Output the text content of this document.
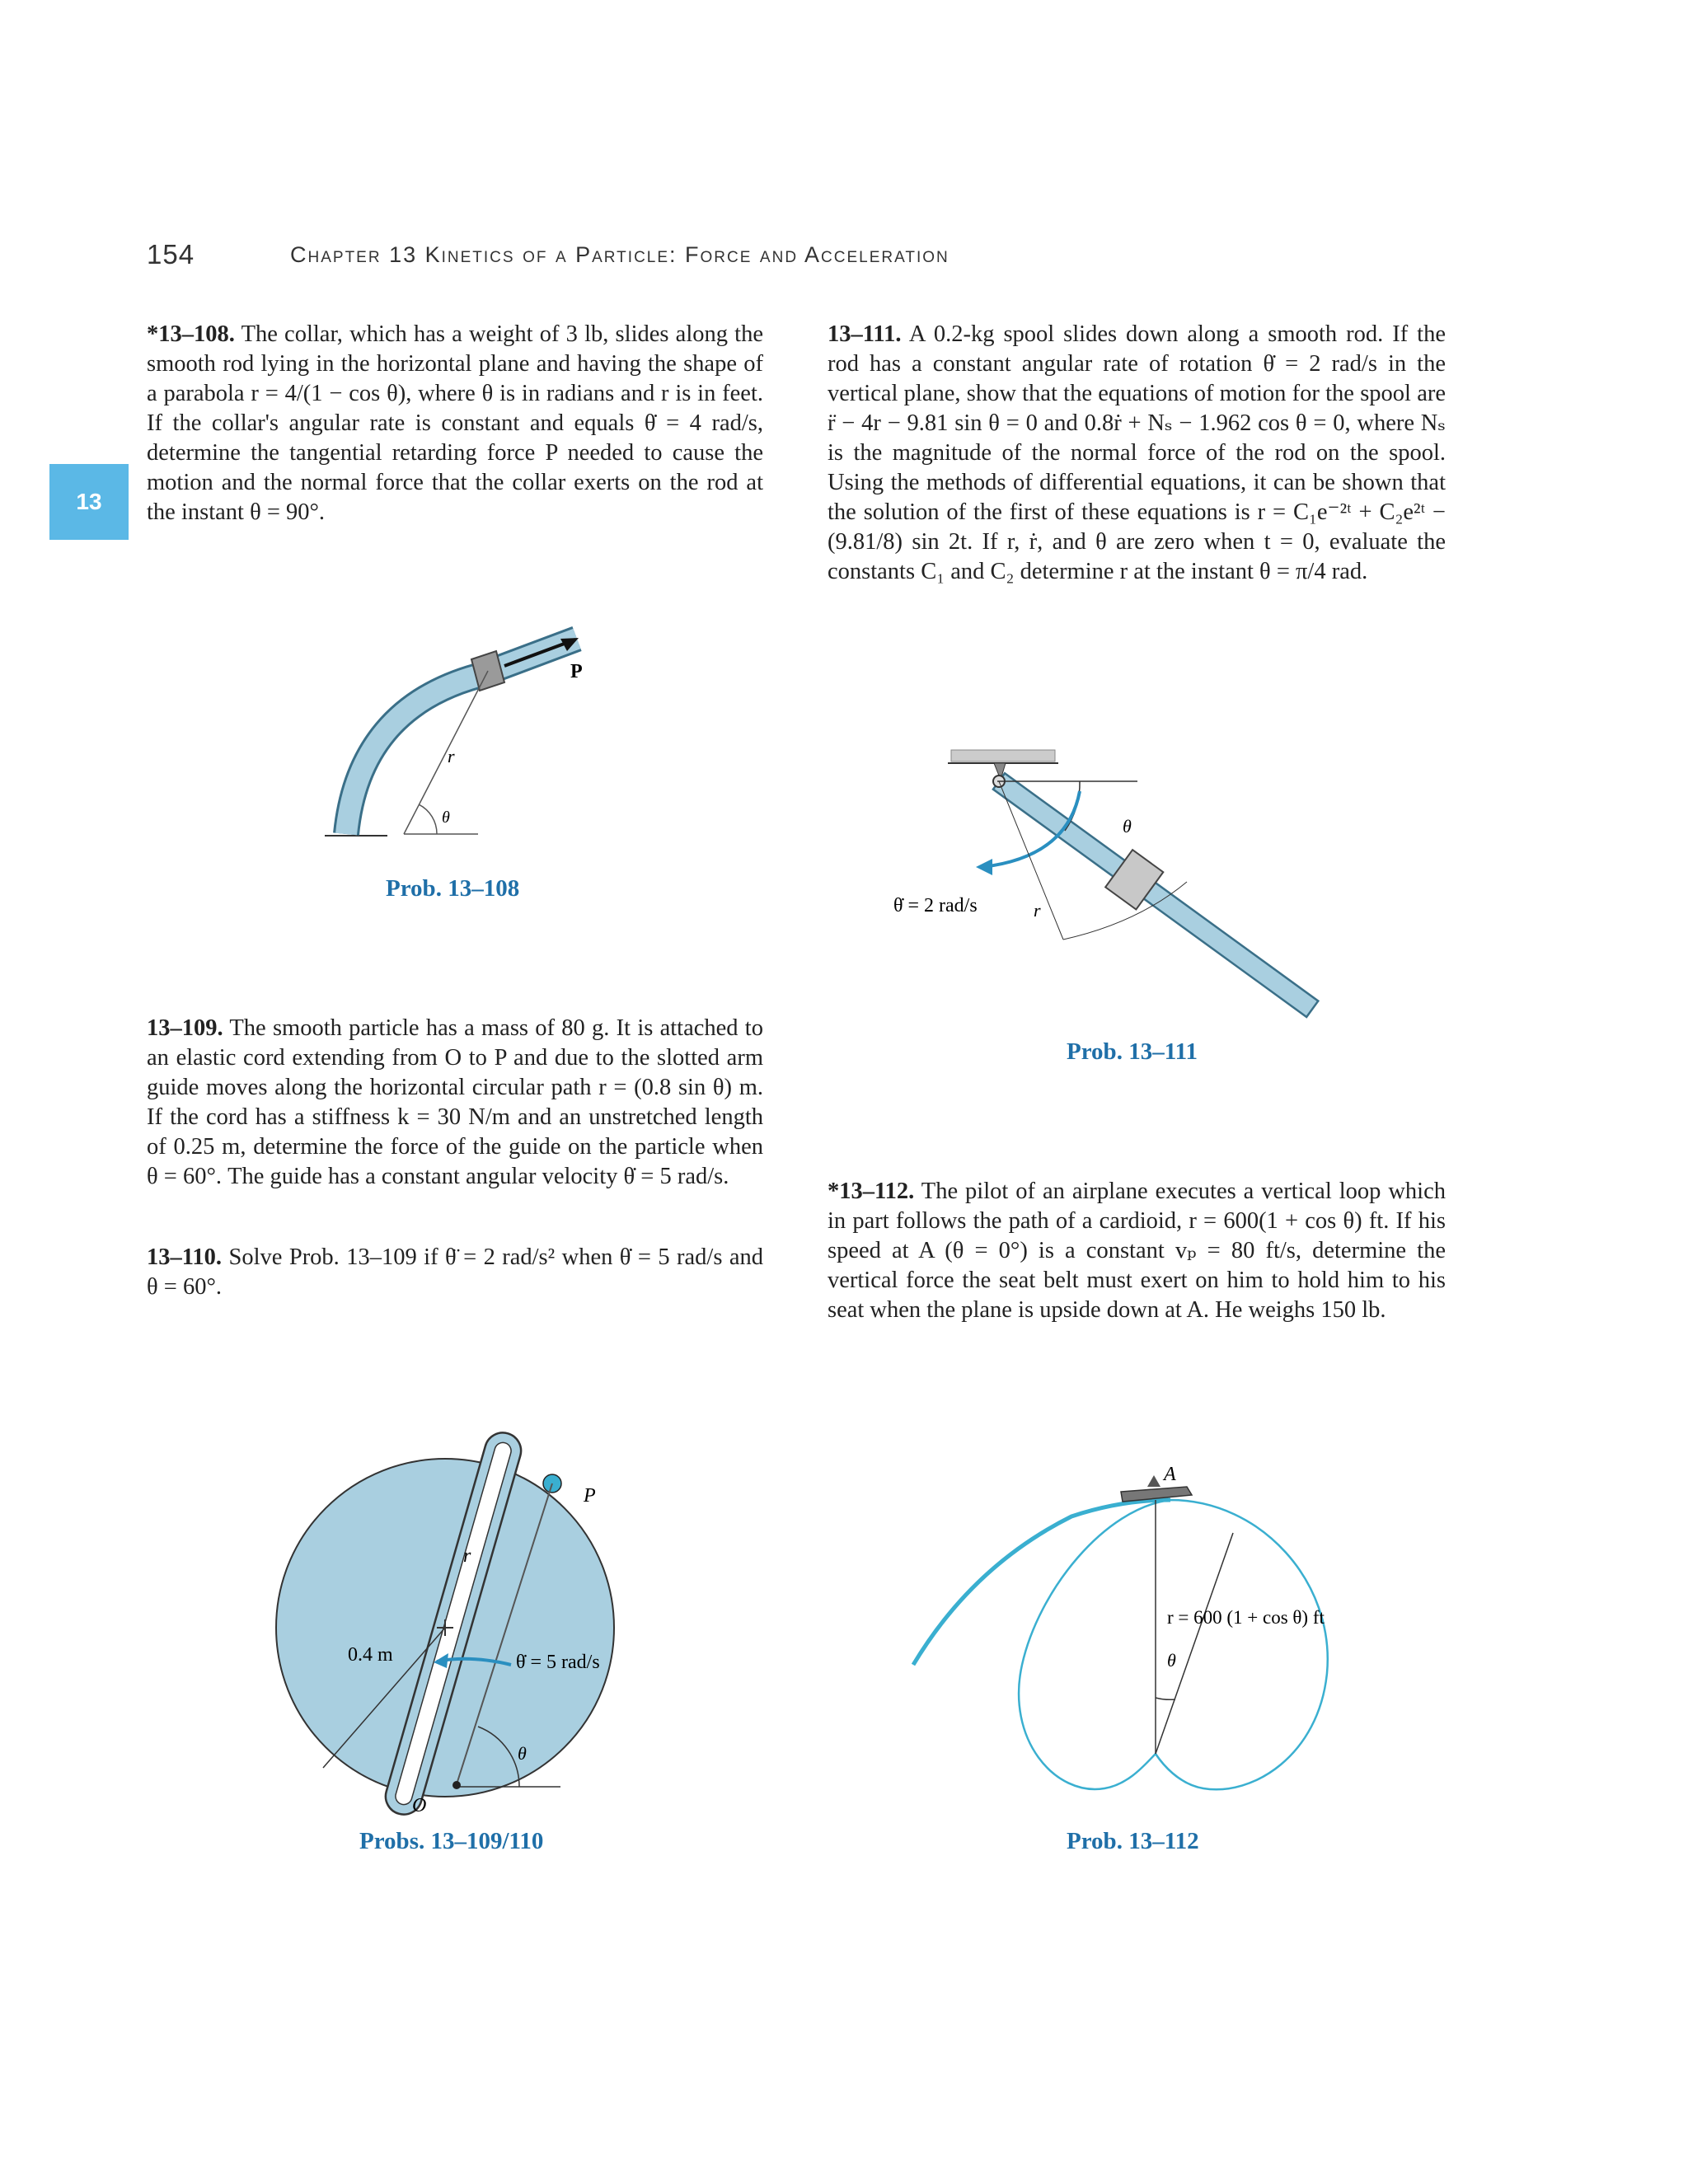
154	Chapter 13 Kinetics of a Particle: Force and Acceleration
13
*13–108. The collar, which has a weight of 3 lb, slides along the smooth rod lying in the horizontal plane and having the shape of a parabola r = 4/(1 − cos θ), where θ is in radians and r is in feet. If the collar's angular rate is constant and equals θ̇ = 4 rad/s, determine the tangential retarding force P needed to cause the motion and the normal force that the collar exerts on the rod at the instant θ = 90°.
13–109. The smooth particle has a mass of 80 g. It is attached to an elastic cord extending from O to P and due to the slotted arm guide moves along the horizontal circular path r = (0.8 sin θ) m. If the cord has a stiffness k = 30 N/m and an unstretched length of 0.25 m, determine the force of the guide on the particle when θ = 60°. The guide has a constant angular velocity θ̇ = 5 rad/s.
13–110. Solve Prob. 13–109 if θ̈ = 2 rad/s² when θ̇ = 5 rad/s and θ = 60°.
13–111. A 0.2-kg spool slides down along a smooth rod. If the rod has a constant angular rate of rotation θ̇ = 2 rad/s in the vertical plane, show that the equations of motion for the spool are r̈ − 4r − 9.81 sin θ = 0 and 0.8ṙ + Nₛ − 1.962 cos θ = 0, where Nₛ is the magnitude of the normal force of the rod on the spool. Using the methods of differential equations, it can be shown that the solution of the first of these equations is r = C₁e⁻²ᵗ + C₂e²ᵗ − (9.81/8) sin 2t. If r, ṙ, and θ are zero when t = 0, evaluate the constants C₁ and C₂ determine r at the instant θ = π/4 rad.
*13–112. The pilot of an airplane executes a vertical loop which in part follows the path of a cardioid, r = 600(1 + cos θ) ft. If his speed at A (θ = 0°) is a constant vₚ = 80 ft/s, determine the vertical force the seat belt must exert on him to hold him to his seat when the plane is upside down at A. He weighs 150 lb.
P
r
θ
Prob. 13–108
P
r
O
0.4 m	θ̇ = 5 rad/s
θ
Probs. 13–109/110
θ
θ̇ = 2 rad/s	r
Prob. 13–111
A
r = 600 (1 + cos θ) ft
θ
Prob. 13–112
